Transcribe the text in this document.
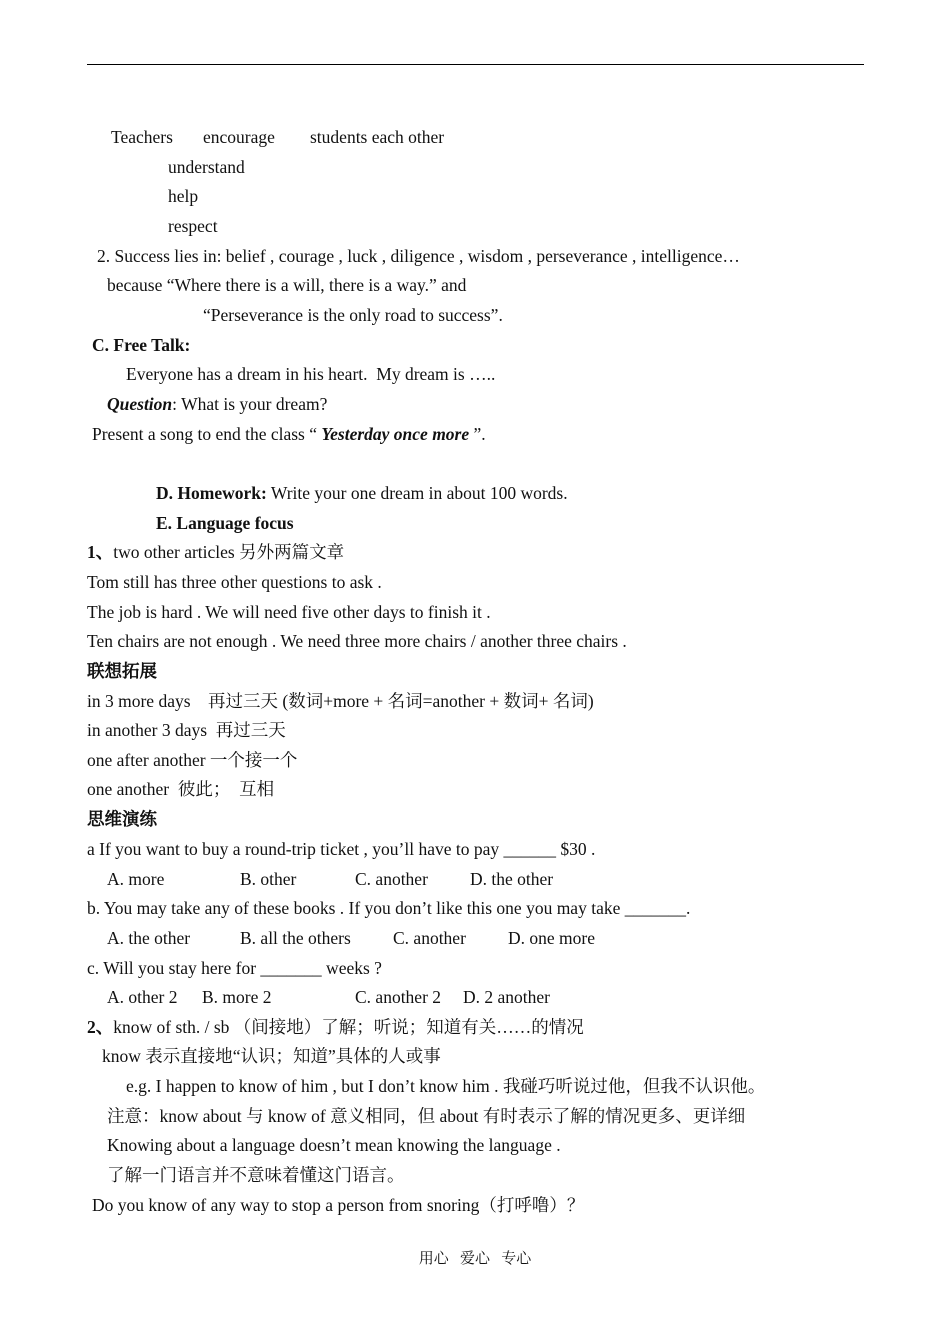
Teachers encourage students each other
understand
help
respect
2. Success lies in: belief , courage , luck , diligence , wisdom , perseverance , intelligence…
because “Where there is a will, there is a way.” and
“Perseverance is the only road to success”.
C. Free Talk:
Everyone has a dream in his heart.  My dream is …..
Question: What is your dream?
Present a song to end the class “ Yesterday once more ”.
D. Homework: Write your one dream in about 100 words.
E. Language focus
1、two other articles 另外两篇文章
Tom still has three other questions to ask .
The job is hard . We will need five other days to finish it .
Ten chairs are not enough . We need three more chairs / another three chairs .
联想拓展
in 3 more days    再过三天 (数词+more + 名词=another + 数词+ 名词)
in another 3 days  再过三天
one after another 一个接一个
one another  彼此；  互相
思维演练
a If you want to buy a round-trip ticket , you’ll have to pay ______ $30 .
A. more	B. other	C. another D. the other
b. You may take any of these books . If you don’t like this one you may take _______.
A. the other	B. all the others C. another D. one more
c. Will you stay here for _______ weeks ?
A. other 2 B. more 2	C. another 2 D. 2 another
2、know of sth. / sb （间接地）了解；听说；知道有关……的情况
know 表示直接地“认识；知道”具体的人或事
e.g. I happen to know of him , but I don’t know him . 我碰巧听说过他，但我不认识他。
注意：know about 与 know of 意义相同，但 about 有时表示了解的情况更多、更详细
Knowing about a language doesn’t mean knowing the language .
了解一门语言并不意味着懂这门语言。
Do you know of any way to stop a person from snoring（打呼噜）？
用心   爱心   专心
